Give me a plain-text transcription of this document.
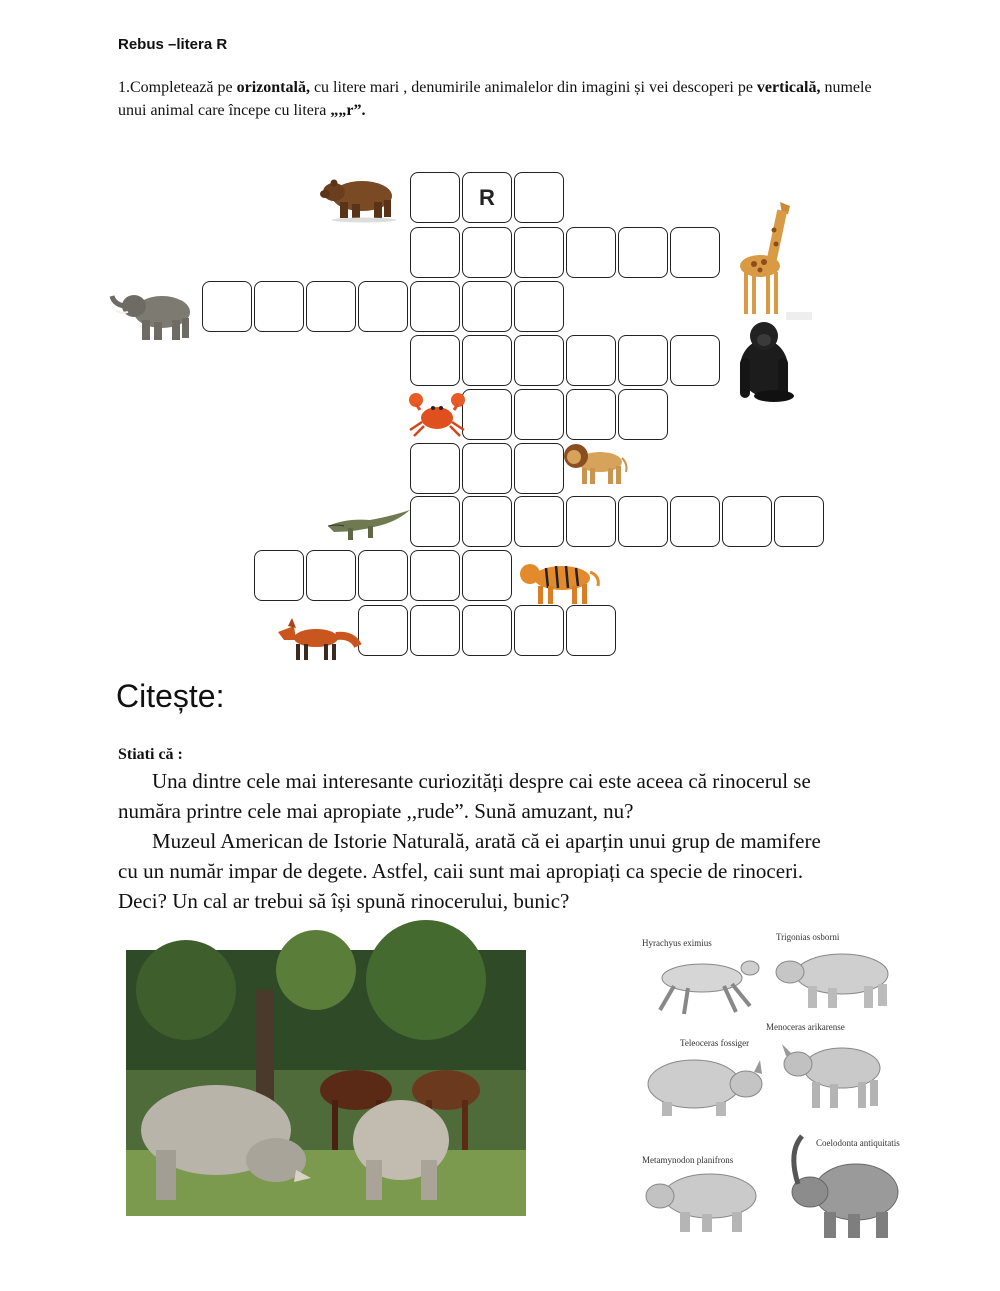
Rebus –litera R
1.Completează pe orizontală, cu litere mari , denumirile animalelor din imagini și vei descoperi pe verticală, numele unui animal care începe cu litera „„r”.
R
Citește:
Stiati că :
Una dintre cele mai interesante curiozități despre cai este aceea că rinocerul se
număra printre cele mai apropiate ,,rude”. Sună amuzant, nu?
Muzeul American de Istorie Naturală, arată că ei aparțin unui grup de mamifere
cu un număr impar de degete. Astfel, caii sunt mai apropiați ca specie de rinoceri.
Deci? Un cal ar trebui să își spună rinocerului, bunic?
Hyrachyus eximius
Trigonias osborni
Teleoceras fossiger
Menoceras arikarense
Metamynodon planifrons
Coelodonta antiquitatis
